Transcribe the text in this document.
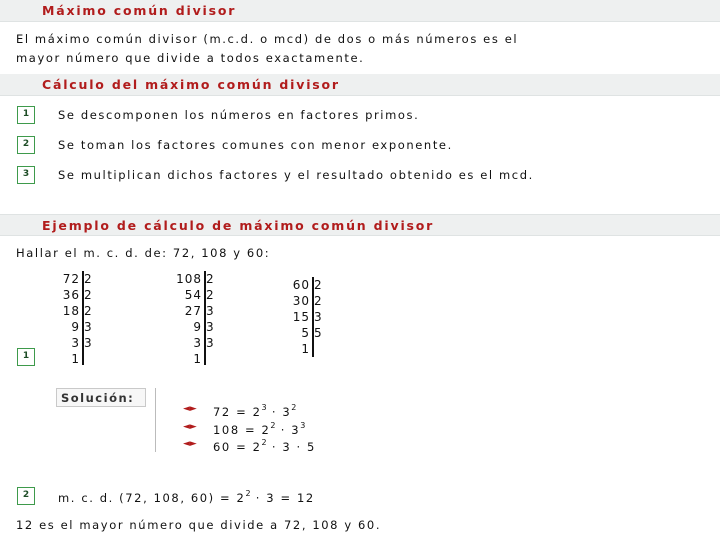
Máximo común divisor
El máximo común divisor (m.c.d. o mcd) de dos o más números es el
mayor número que divide a todos exactamente.
Cálculo del máximo común divisor
1	Se descomponen los números en factores primos.
2	Se toman los factores comunes con menor exponente.
3	Se multiplican dichos factores y el resultado obtenido es el mcd.
Ejemplo de cálculo de máximo común divisor
Hallar el m. c. d. de: 72, 108 y 60:
72 2
36 2
18 2
9 3
3 3
1
108 2
54 2
27 3
9 3
3 3
1
60 2
30 2
15 3
5 5
1
1
Solución:
◄► $72 = 2^3 \cdot 3^2$
◄► $108 = 2^2 \cdot 3^3$
◄► $60 = 2^2 \cdot 3 \cdot 5$
2	m. c. d. (72, 108, $60) = 2^2 \cdot 3 = 12$
12 es el mayor número que divide a 72, 108 y 60.
